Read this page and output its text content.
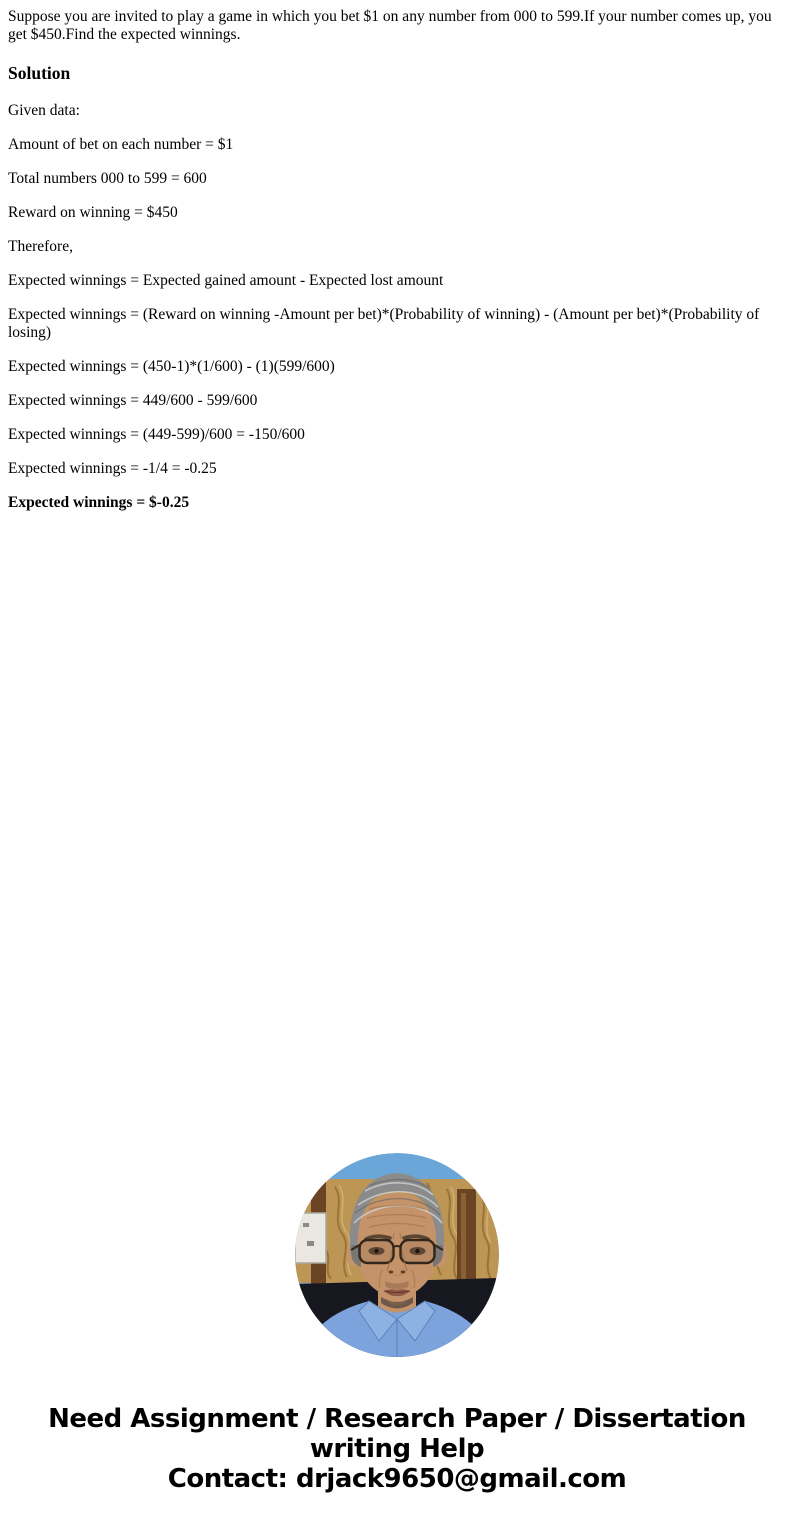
Suppose you are invited to play a game in which you bet $1 on any number from 000 to 599.If your number comes up, you get $450.Find the expected winnings.

Solution

Given data:

Amount of bet on each number = $1

Total numbers 000 to 599 = 600

Reward on winning = $450

Therefore,

Expected winnings = Expected gained amount - Expected lost amount

Expected winnings = (Reward on winning -Amount per bet)*(Probability of winning) - (Amount per bet)*(Probability of losing)

Expected winnings = (450-1)*(1/600) - (1)(599/600)

Expected winnings = 449/600 - 599/600

Expected winnings = (449-599)/600 = -150/600

Expected winnings = -1/4 = -0.25

Expected winnings = $-0.25

Need Assignment / Research Paper / Dissertation
writing Help
Contact: drjack9650@gmail.com
